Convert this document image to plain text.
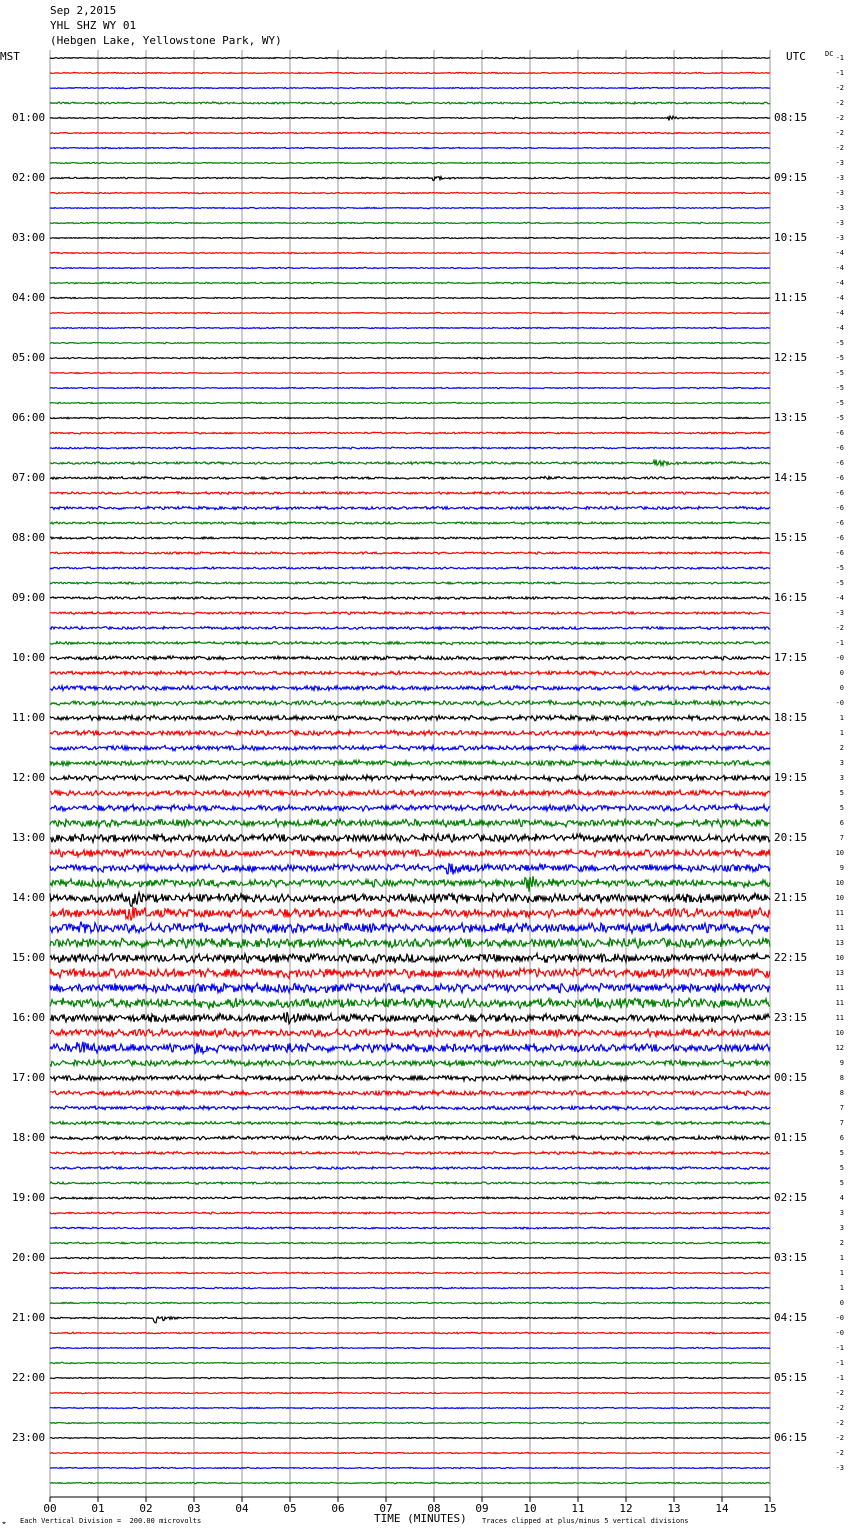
Sep 2,2015
YHL SHZ WY 01
(Hebgen Lake, Yellowstone Park, WY)
MST	UTC	DC
00	01	02	03	04	05	06	07	08	09	10	11	12	13	14	15
01:00
02:00
03:00
04:00
05:00
06:00
07:00
08:00
09:00
10:00
11:00
12:00
13:00
14:00
15:00
16:00
17:00
18:00
19:00
20:00
21:00
22:00
23:00
08:15
09:15
10:15
11:15
12:15
13:15
14:15
15:15
16:15
17:15
18:15
19:15
20:15
21:15
22:15
23:15
00:15
01:15
02:15
03:15
04:15
05:15
06:15
-1
-1
-2
-2
-2
-2
-2
-3
-3
-3
-3
-3
-3
-4
-4
-4
-4
-4
-4
-5
-5
-5
-5
-5
-5
-6
-6
-6
-6
-6
-6
-6
-6
-6
-5
-5
-4
-3
-2
-1
-0
0
0
-0
1
1
2
3
3
5
5
6
7
10
9
10
10
11
11
13
10
13
11
11
11
10
12
9
8
8
7
7
6
5
5
5
4
3
3
2
1
1
1
0
-0
-0
-1
-1
-1
-2
-2
-2
-2
-2
-3
⌖ Each Vertical Division =  200.00 microvolts	TIME (MINUTES) Traces clipped at plus/minus 5 vertical divisions
